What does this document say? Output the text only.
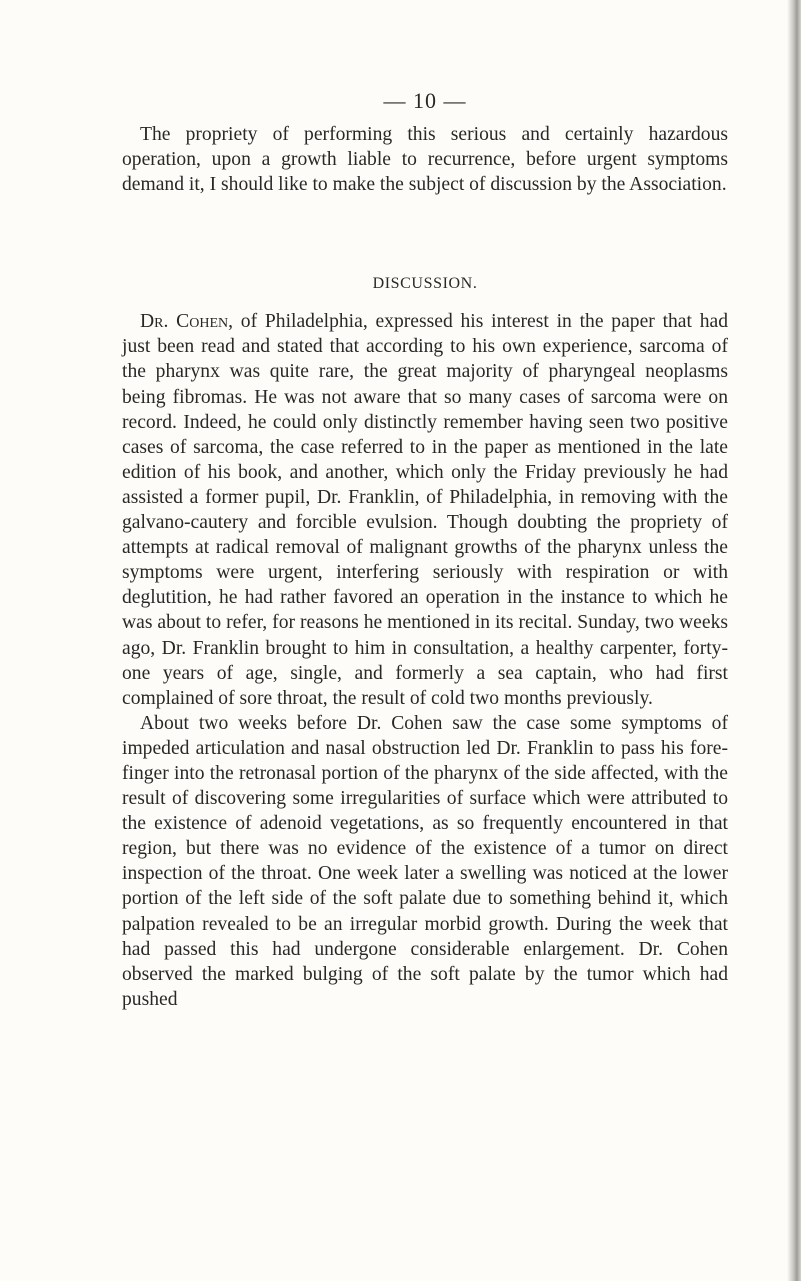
— 10 —

The propriety of performing this serious and certainly hazardous operation, upon a growth liable to recurrence, before urgent symptoms demand it, I should like to make the subject of discussion by the Association.

DISCUSSION.

Dr. Cohen, of Philadelphia, expressed his interest in the paper that had just been read and stated that according to his own experience, sarcoma of the pharynx was quite rare, the great majority of pharyngeal neoplasms being fibromas. He was not aware that so many cases of sarcoma were on record. Indeed, he could only distinctly remember having seen two positive cases of sarcoma, the case referred to in the paper as mentioned in the late edition of his book, and another, which only the Friday previously he had assisted a former pupil, Dr. Franklin, of Philadelphia, in removing with the galvano-cautery and forcible evulsion. Though doubting the propriety of attempts at radical removal of malignant growths of the pharynx unless the symptoms were urgent, interfering seriously with respiration or with deglutition, he had rather favored an operation in the instance to which he was about to refer, for reasons he mentioned in its recital. Sunday, two weeks ago, Dr. Franklin brought to him in consultation, a healthy carpenter, forty-one years of age, single, and formerly a sea captain, who had first complained of sore throat, the result of cold two months previously.

About two weeks before Dr. Cohen saw the case some symptoms of impeded articulation and nasal obstruction led Dr. Franklin to pass his fore-finger into the retronasal portion of the pharynx of the side affected, with the result of discovering some irregularities of surface which were attributed to the existence of adenoid vegetations, as so frequently encountered in that region, but there was no evidence of the existence of a tumor on direct inspection of the throat. One week later a swelling was noticed at the lower portion of the left side of the soft palate due to something behind it, which palpation revealed to be an irregular morbid growth. During the week that had passed this had undergone considerable enlargement. Dr. Cohen observed the marked bulging of the soft palate by the tumor which had pushed
